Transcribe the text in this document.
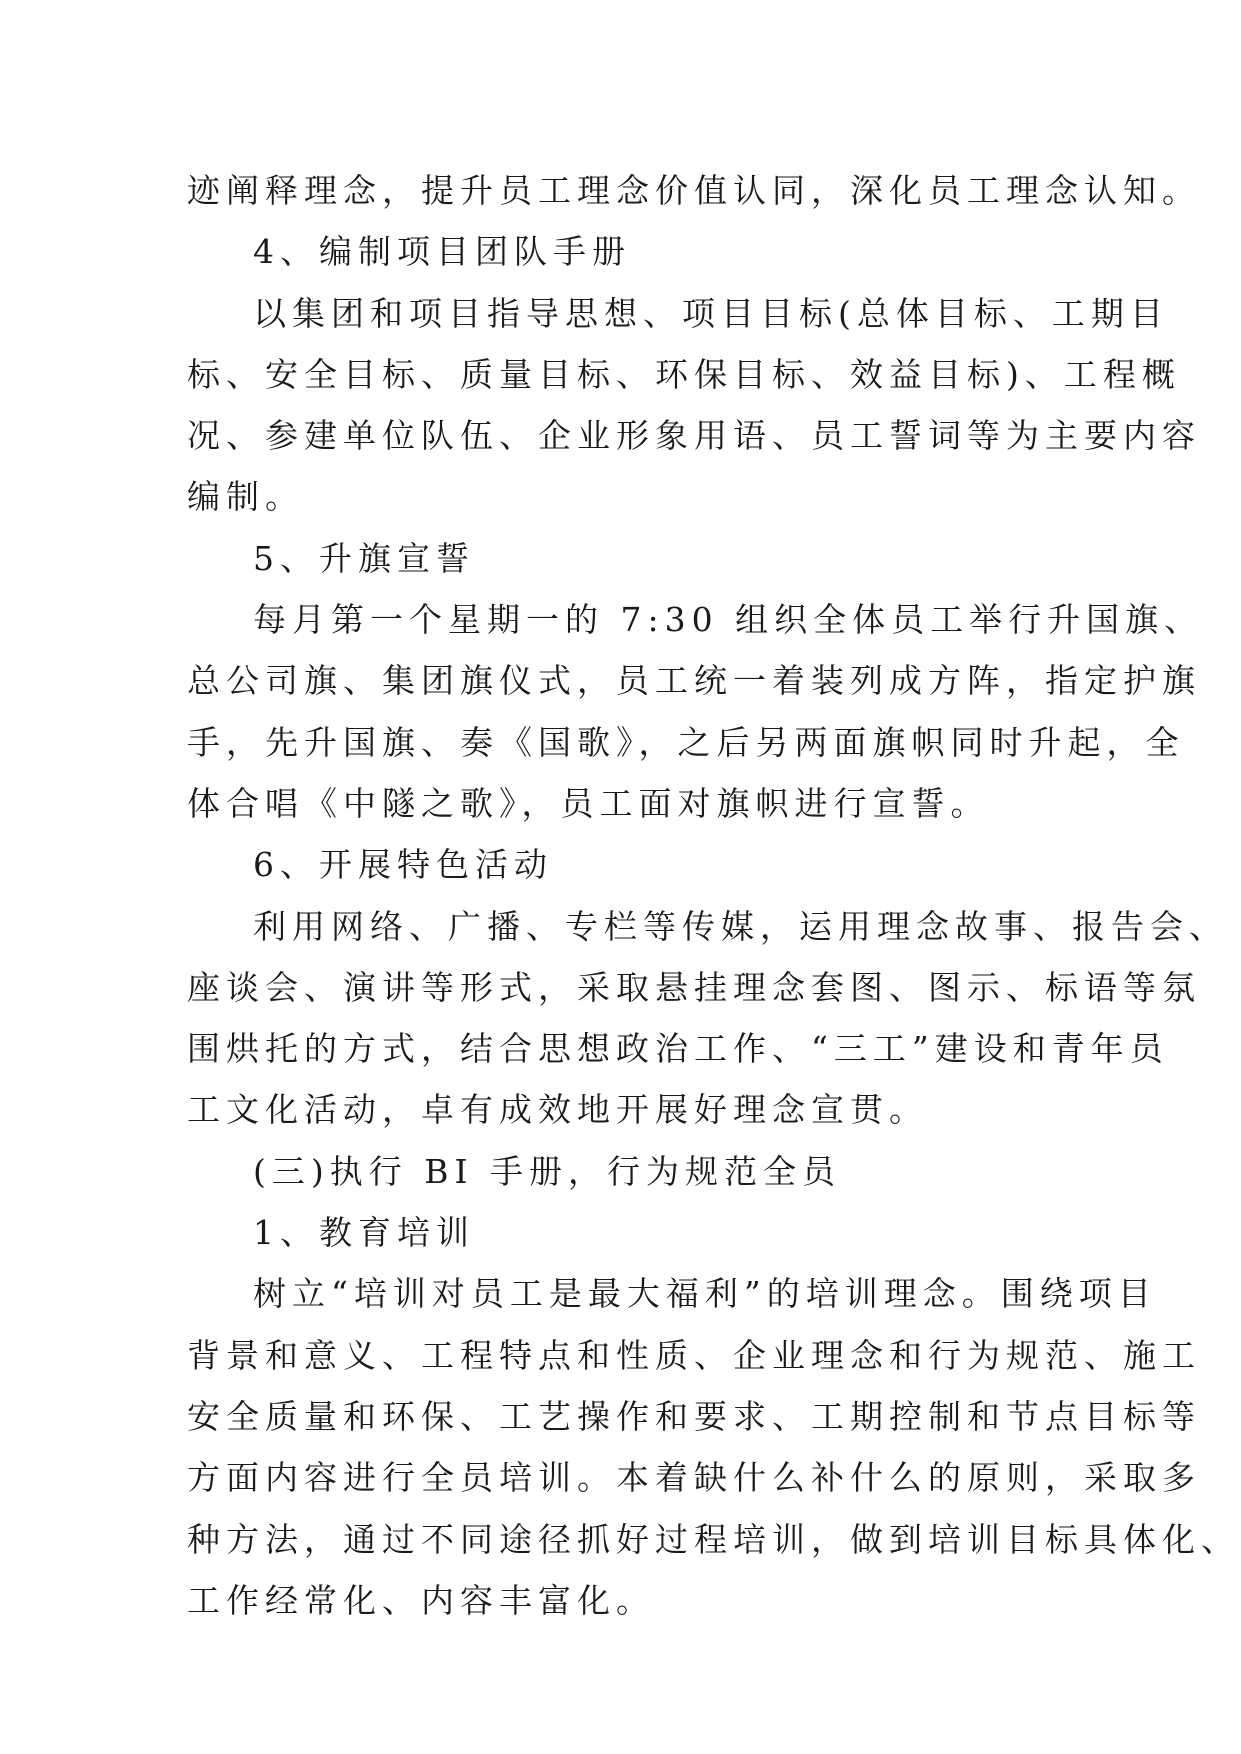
迹阐释理念，提升员工理念价值认同，深化员工理念认知。
4、编制项目团队手册
以集团和项目指导思想、项目目标(总体目标、工期目
标、安全目标、质量目标、环保目标、效益目标)、工程概
况、参建单位队伍、企业形象用语、员工誓词等为主要内容
编制。
5、升旗宣誓
每月第一个星期一的 7:30 组织全体员工举行升国旗、
总公司旗、集团旗仪式，员工统一着装列成方阵，指定护旗
手，先升国旗、奏《国歌》，之后另两面旗帜同时升起，全
体合唱《中隧之歌》，员工面对旗帜进行宣誓。
6、开展特色活动
利用网络、广播、专栏等传媒，运用理念故事、报告会、
座谈会、演讲等形式，采取悬挂理念套图、图示、标语等氛
围烘托的方式，结合思想政治工作、“三工”建设和青年员
工文化活动，卓有成效地开展好理念宣贯。
(三)执行 BI 手册，行为规范全员
1、教育培训
树立“培训对员工是最大福利”的培训理念。围绕项目
背景和意义、工程特点和性质、企业理念和行为规范、施工
安全质量和环保、工艺操作和要求、工期控制和节点目标等
方面内容进行全员培训。本着缺什么补什么的原则，采取多
种方法，通过不同途径抓好过程培训，做到培训目标具体化、
工作经常化、内容丰富化。
